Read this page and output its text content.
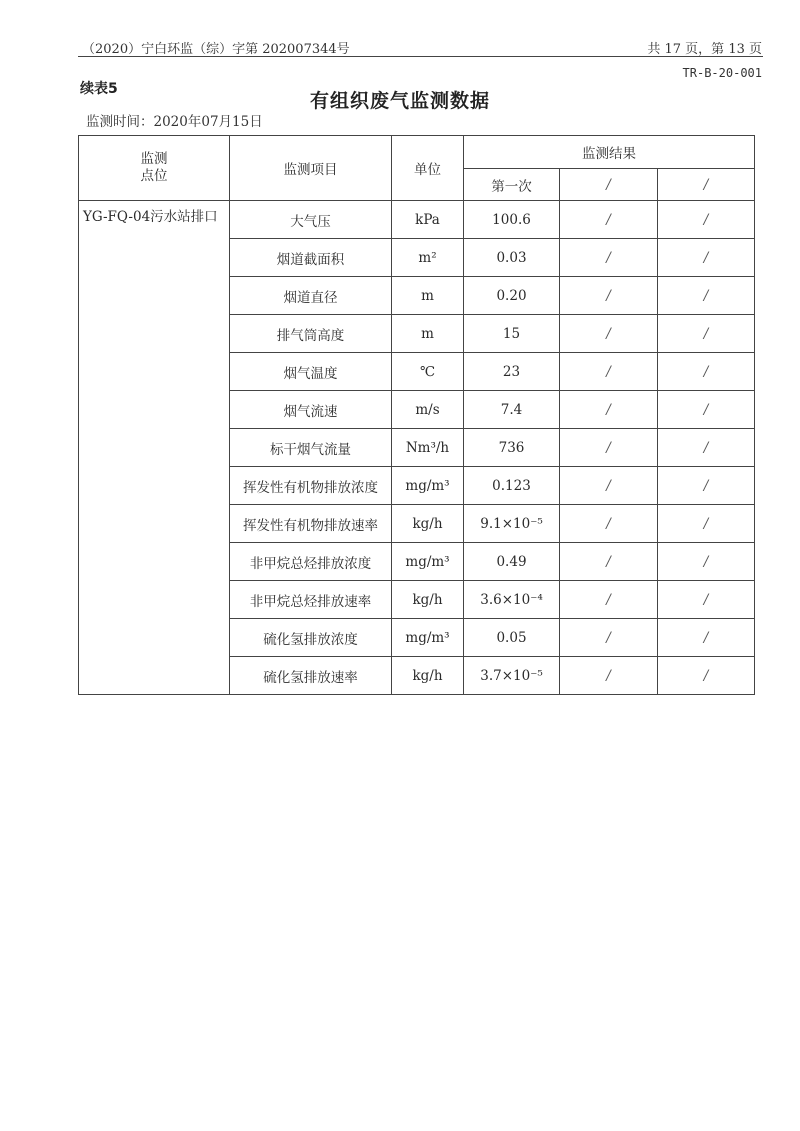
（2020）宁白环监（综）字第 202007344号	共 17 页，第 13 页
TR-B-20-001
续表5
有组织废气监测数据
监测时间：2020年07月15日
监测
点位	监测项目	单位	监测结果		
			第一次	/	/
YG-FQ-04污水站排口	大气压	kPa	100.6	/	/
	烟道截面积	m²	0.03	/	/
	烟道直径	m	0.20	/	/
	排气筒高度	m	15	/	/
	烟气温度	℃	23	/	/
	烟气流速	m/s	7.4	/	/
	标干烟气流量	Nm³/h	736	/	/
	挥发性有机物排放浓度	mg/m³	0.123	/	/
	挥发性有机物排放速率	kg/h	9.1×10⁻⁵	/	/
	非甲烷总烃排放浓度	mg/m³	0.49	/	/
	非甲烷总烃排放速率	kg/h	3.6×10⁻⁴	/	/
	硫化氢排放浓度	mg/m³	0.05	/	/
	硫化氢排放速率	kg/h	3.7×10⁻⁵	/	/
